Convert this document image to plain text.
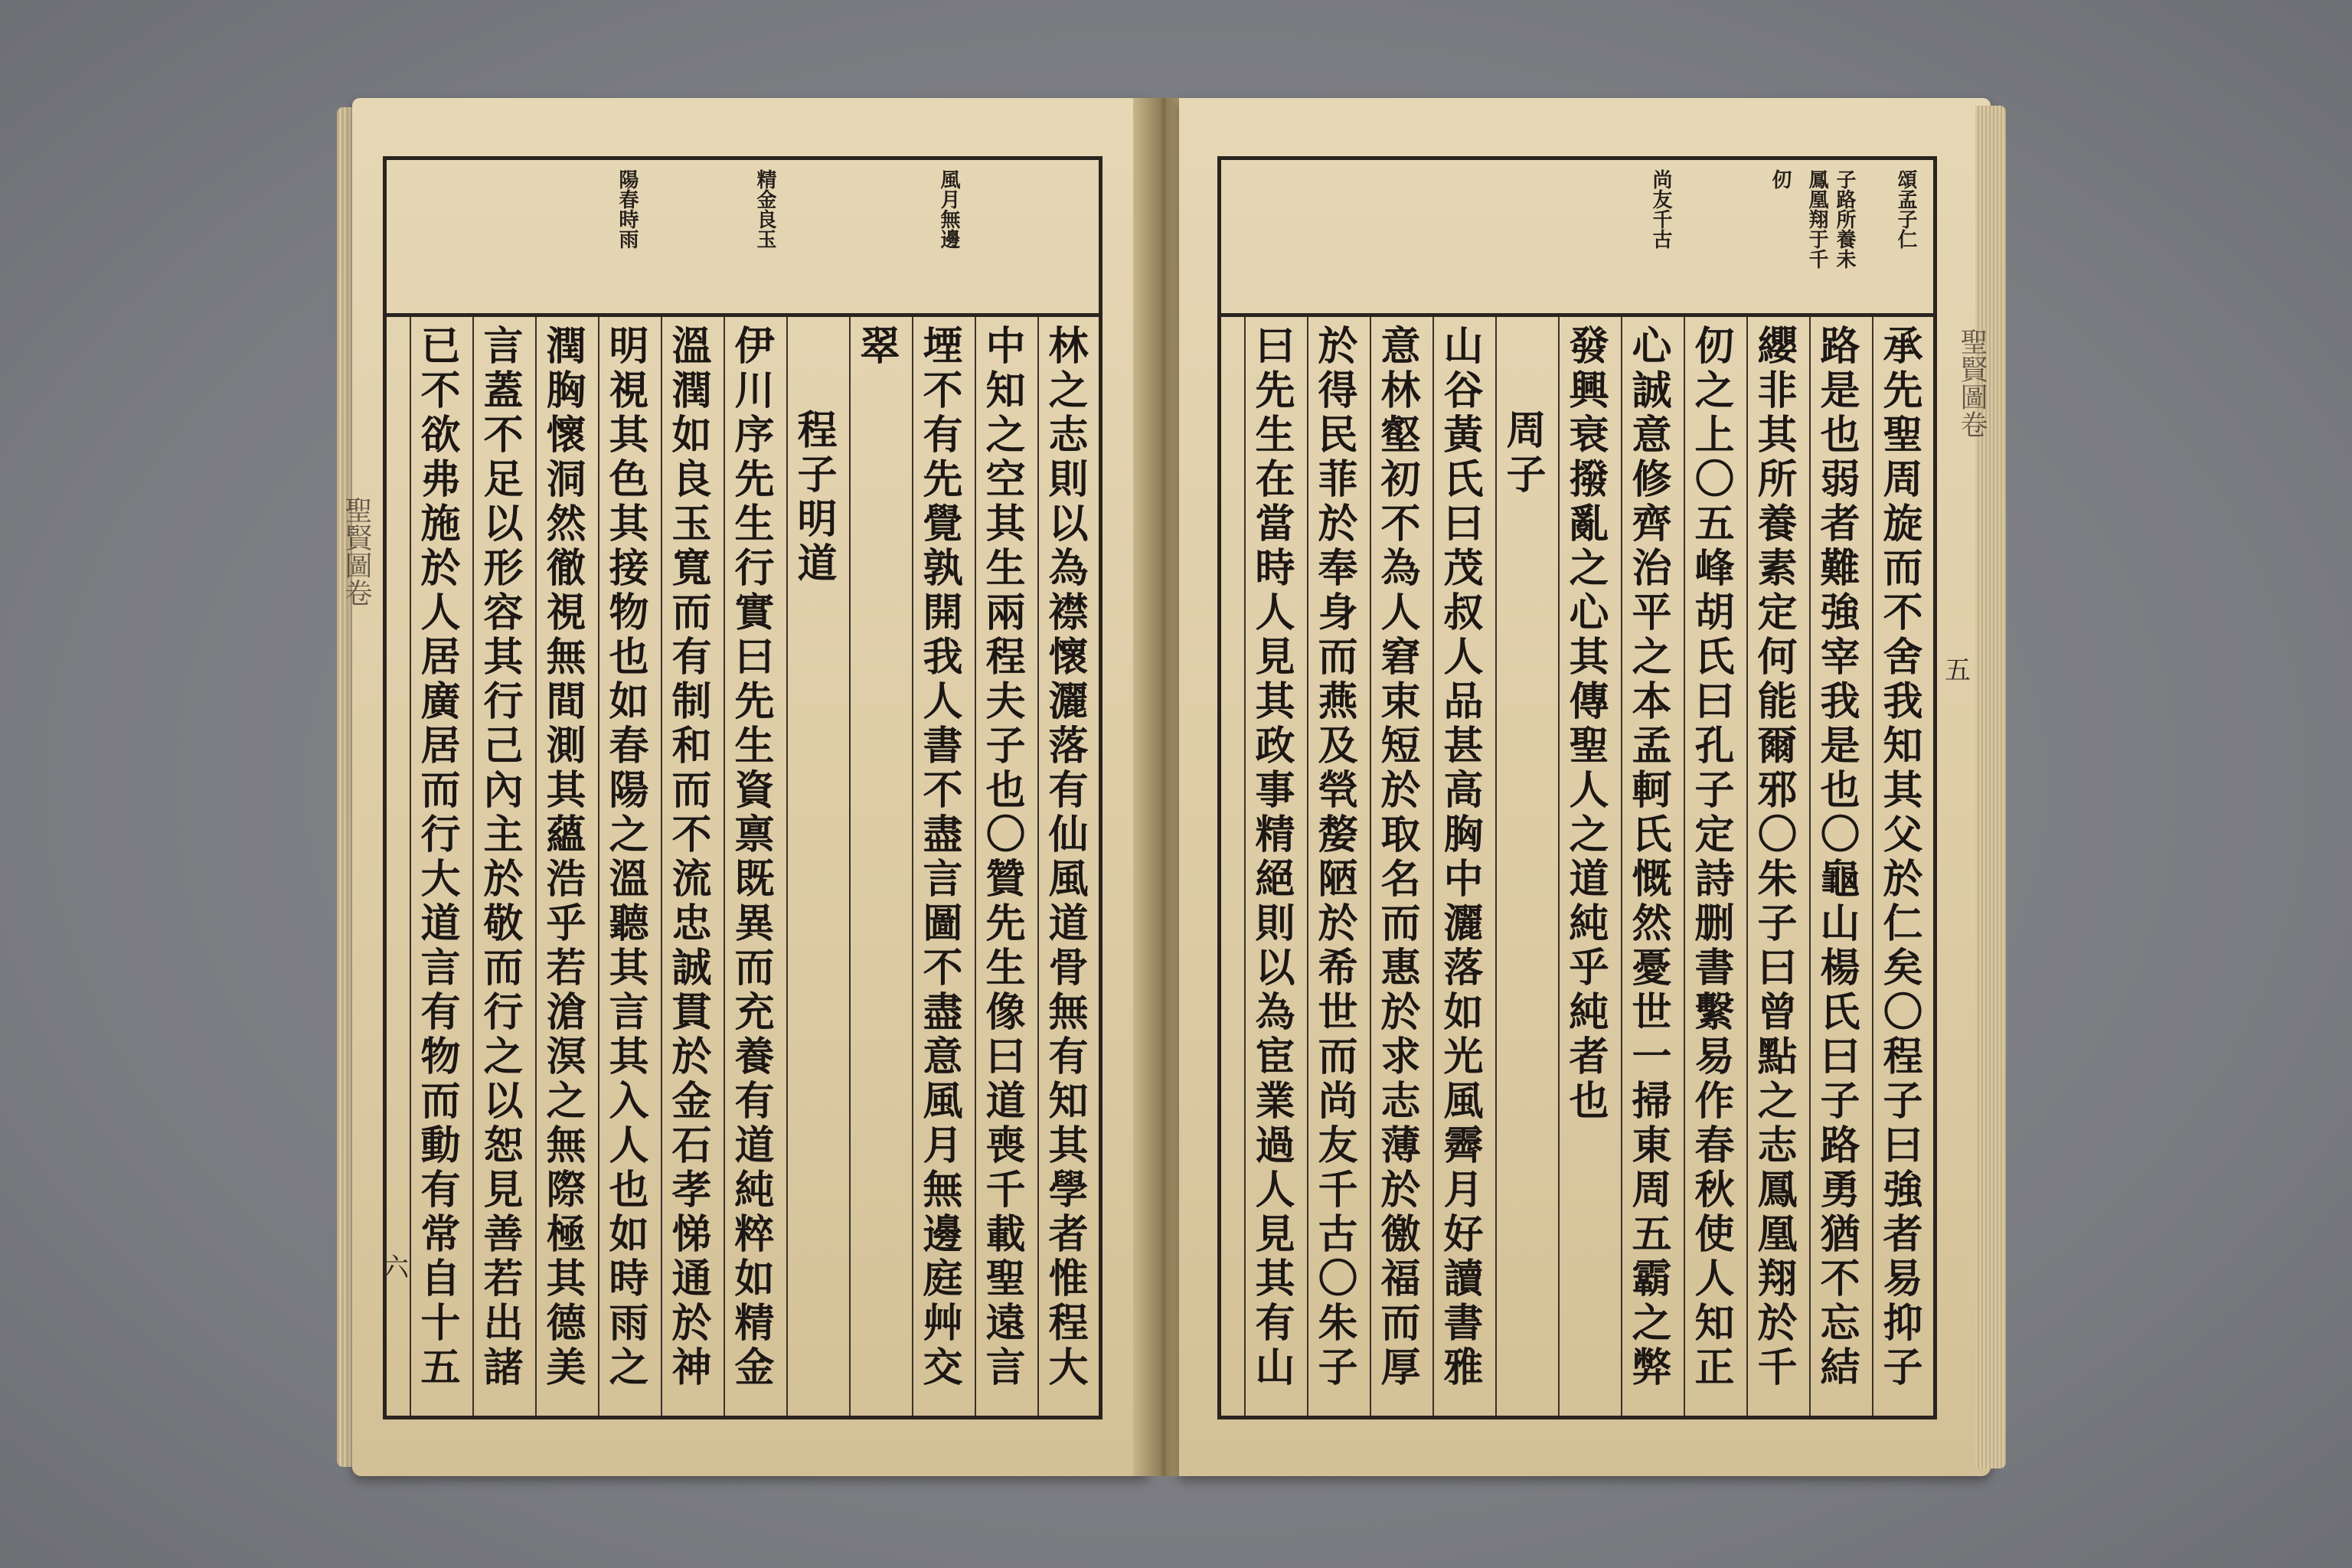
風月無邊
精金良玉
陽春時雨
林之志則以為襟懷灑落有仙風道骨無有知其學者惟程大
中知之空其生兩程夫子也〇贊先生像曰道喪千載聖遠言
堙不有先覺孰開我人書不盡言圖不盡意風月無邊庭艸交
翠
程子明道
伊川序先生行實曰先生資禀既異而充養有道純粹如精金
溫潤如良玉寬而有制和而不流忠誠貫於金石孝悌通於神
明視其色其接物也如春陽之溫聽其言其入人也如時雨之
潤胸懷洞然徹視無間測其蘊浩乎若滄溟之無際極其德美
言蓋不足以形容其行己內主於敬而行之以恕見善若出諸
已不欲弗施於人居廣居而行大道言有物而動有常自十五
聖賢圖卷
六
頌孟子仁
子路所養未
鳳凰翔于千
仞
尚友千古
承先聖周旋而不舍我知其父於仁矣〇程子曰強者易抑子
路是也弱者難強宰我是也〇龜山楊氏曰子路勇猶不忘結
纓非其所養素定何能爾邪〇朱子曰曾點之志鳳凰翔於千
仞之上〇五峰胡氏曰孔子定詩删書繫易作春秋使人知正
心誠意修齊治平之本孟軻氏慨然憂世一掃東周五霸之弊
發興衰撥亂之心其傳聖人之道純乎純者也
周子
山谷黃氏曰茂叔人品甚高胸中灑落如光風霽月好讀書雅
意林壑初不為人窘束短於取名而惠於求志薄於徼福而厚
於得民菲於奉身而燕及煢嫠陋於希世而尚友千古〇朱子
曰先生在當時人見其政事精絕則以為宦業過人見其有山	聖賢圖卷
五
